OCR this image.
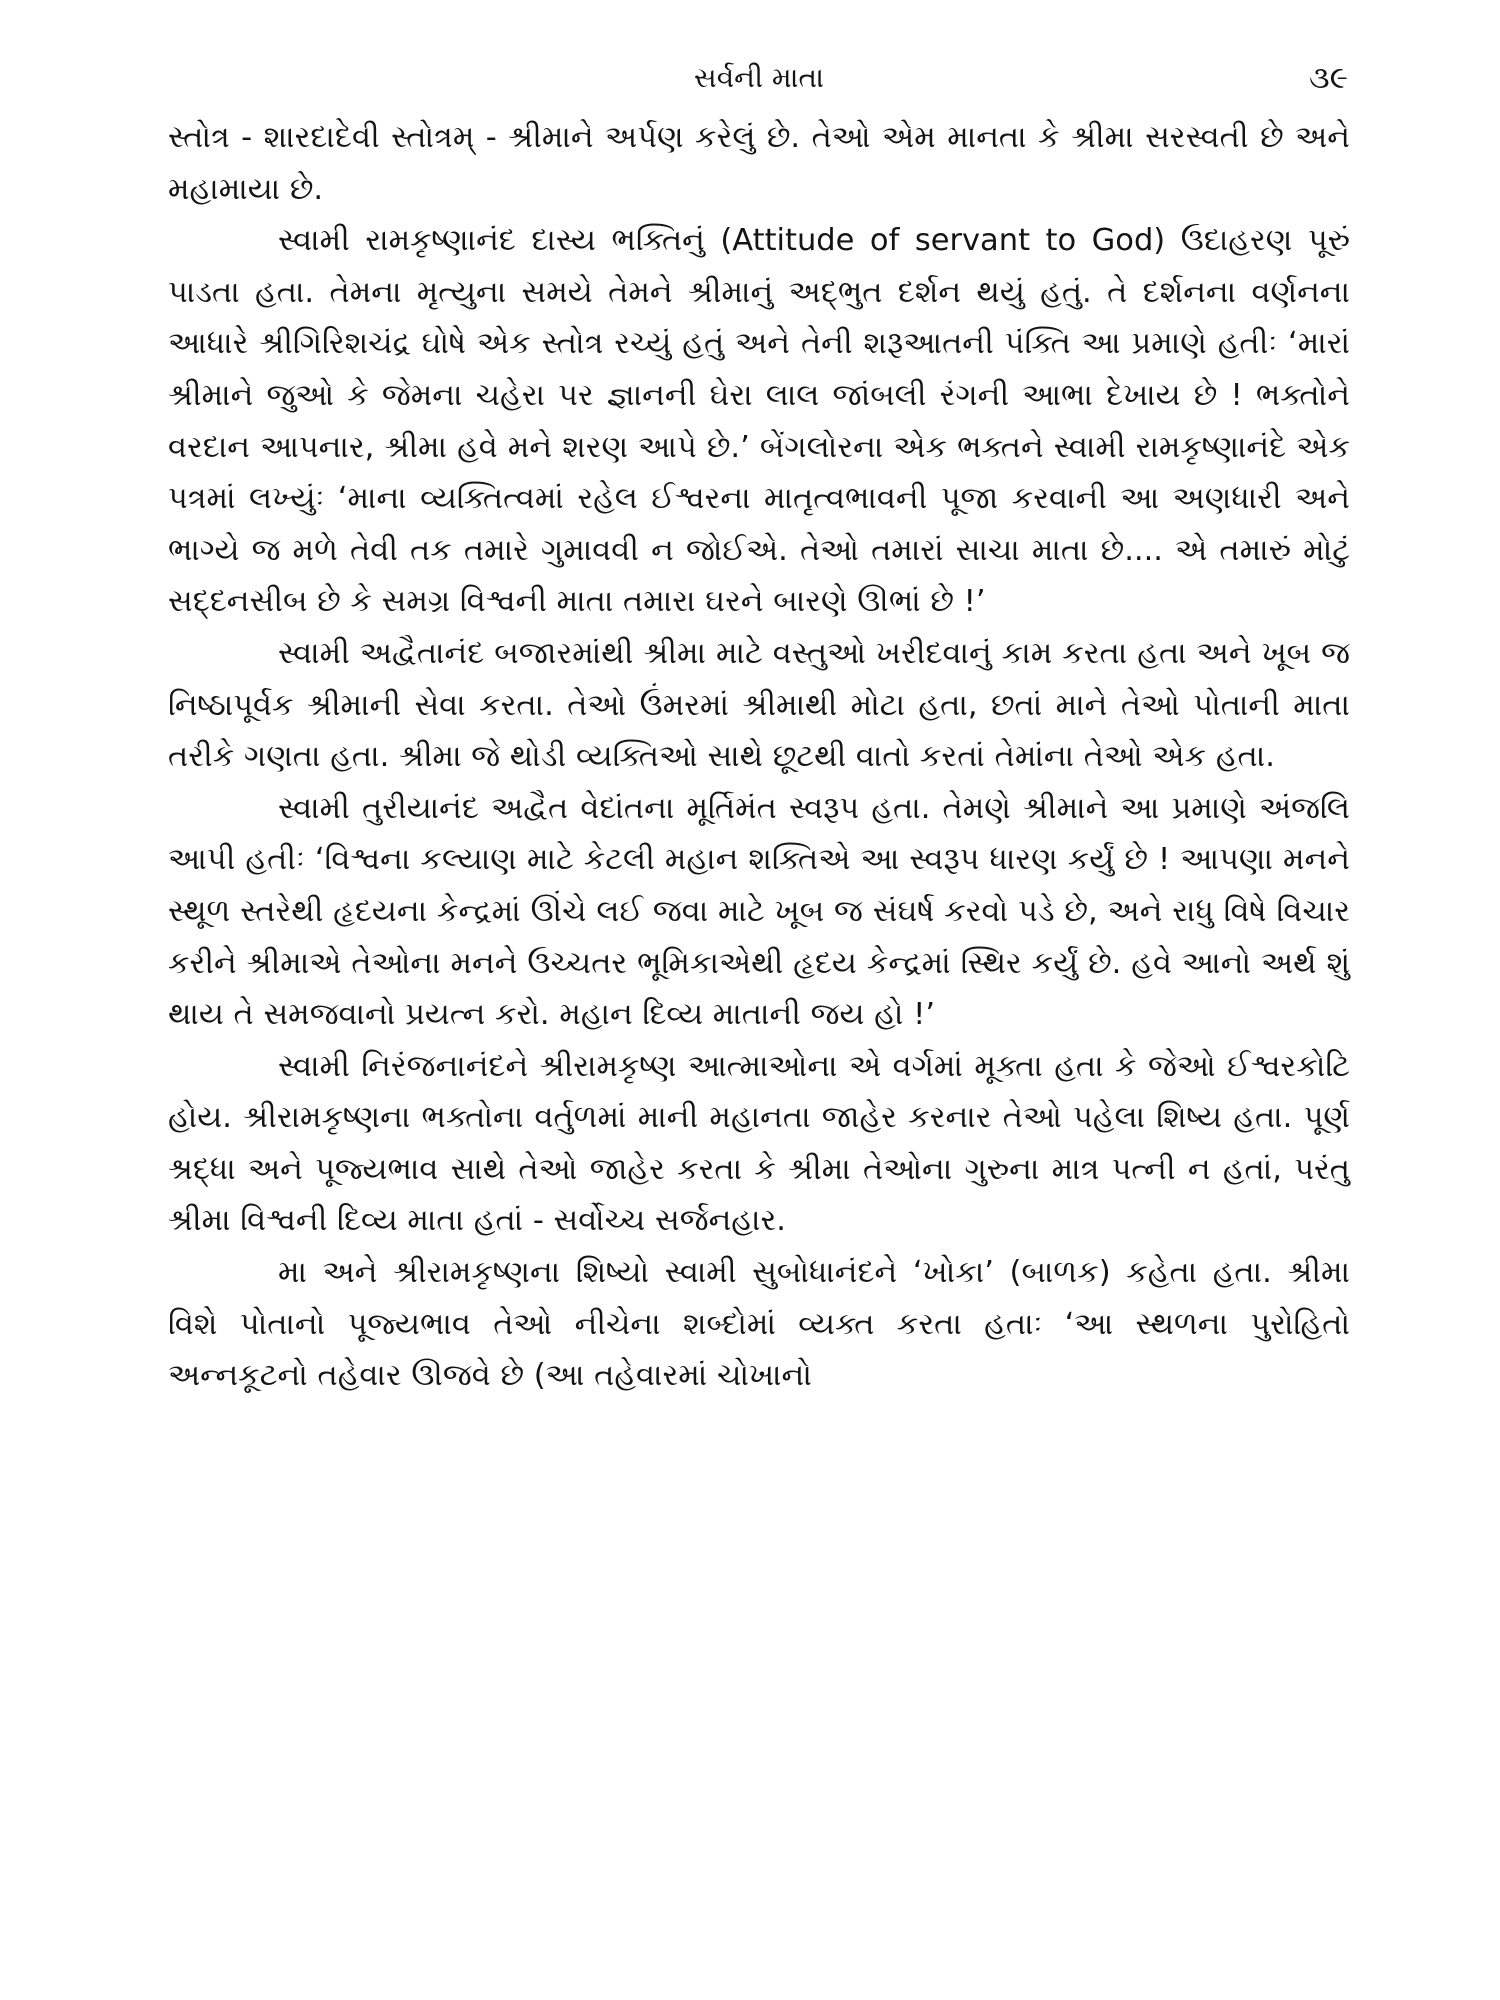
સર્વની માતા	૩૯

સ્તોત્ર - શારદાદેવી સ્તોત્રમ્ - શ્રીમાને અર્પણ કરેલું છે. તેઓ એમ માનતા કે શ્રીમા સરસ્વતી છે અને મહામાયા છે.

સ્વામી રામકૃષ્ણાનંદ દાસ્ય ભક્તિનું (Attitude of servant to God) ઉદાહરણ પૂરું પાડતા હતા. તેમના મૃત્યુના સમયે તેમને શ્રીમાનું અદ્‌ભુત દર્શન થયું હતું. તે દર્શનના વર્ણનના આધારે શ્રીગિરિશચંદ્ર ઘોષે એક સ્તોત્ર રચ્યું હતું અને તેની શરૂઆતની પંક્તિ આ પ્રમાણે હતીઃ ‘મારાં શ્રીમાને જુઓ કે જેમના ચહેરા પર જ્ઞાનની ઘેરા લાલ જાંબલી રંગની આભા દેખાય છે ! ભક્તોને વરદાન આપનાર, શ્રીમા હવે મને શરણ આપે છે.’ બેંગલોરના એક ભક્તને સ્વામી રામકૃષ્ણાનંદે એક પત્રમાં લખ્યુંઃ ‘માના વ્યક્તિત્વમાં રહેલ ઈશ્વરના માતૃત્વભાવની પૂજા કરવાની આ અણધારી અને ભાગ્યે જ મળે તેવી તક તમારે ગુમાવવી ન જોઈએ. તેઓ તમારાં સાચા માતા છે.... એ તમારું મોટું સદ્દનસીબ છે કે સમગ્ર વિશ્વની માતા તમારા ઘરને બારણે ઊભાં છે !’

સ્વામી અદ્વૈતાનંદ બજારમાંથી શ્રીમા માટે વસ્તુઓ ખરીદવાનું કામ કરતા હતા અને ખૂબ જ નિષ્ઠાપૂર્વક શ્રીમાની સેવા કરતા. તેઓ ઉંમરમાં શ્રીમાથી મોટા હતા, છતાં માને તેઓ પોતાની માતા તરીકે ગણતા હતા. શ્રીમા જે થોડી વ્યક્તિઓ સાથે છૂટથી વાતો કરતાં તેમાંના તેઓ એક હતા.

સ્વામી તુરીયાનંદ અદ્વૈત વેદાંતના મૂર્તિમંત સ્વરૂપ હતા. તેમણે શ્રીમાને આ પ્રમાણે અંજલિ આપી હતીઃ ‘વિશ્વના કલ્યાણ માટે કેટલી મહાન શક્તિએ આ સ્વરૂપ ધારણ કર્યું છે ! આપણા મનને સ્થૂળ સ્તરેથી હૃદયના કેન્દ્રમાં ઊંચે લઈ જવા માટે ખૂબ જ સંઘર્ષ કરવો પડે છે, અને રાધુ વિષે વિચાર કરીને શ્રીમાએ તેઓના મનને ઉચ્ચતર ભૂમિકાએથી હૃદય કેન્દ્રમાં સ્થિર કર્યું છે. હવે આનો અર્થ શું થાય તે સમજવાનો પ્રયત્ન કરો. મહાન દિવ્ય માતાની જય હો !’

સ્વામી નિરંજનાનંદને શ્રીરામકૃષ્ણ આત્માઓના એ વર્ગમાં મૂક્તા હતા કે જેઓ ઈશ્વરકોટિ હોય. શ્રીરામકૃષ્ણના ભક્તોના વર્તુળમાં માની મહાનતા જાહેર કરનાર તેઓ પહેલા શિષ્ય હતા. પૂર્ણ શ્રદ્ધા અને પૂજ્યભાવ સાથે તેઓ જાહેર કરતા કે શ્રીમા તેઓના ગુરુના માત્ર પત્ની ન હતાં, પરંતુ શ્રીમા વિશ્વની દિવ્ય માતા હતાં - સર્વોચ્ચ સર્જનહાર.

મા અને શ્રીરામકૃષ્ણના શિષ્યો સ્વામી સુબોધાનંદને ‘ખોકા’ (બાળક) કહેતા હતા. શ્રીમા વિશે પોતાનો પૂજ્યભાવ તેઓ નીચેના શબ્દોમાં વ્યક્ત કરતા હતાઃ ‘આ સ્થળના પુરોહિતો અન્નકૂટનો તહેવાર ઊજવે છે (આ તહેવારમાં ચોખાનો
